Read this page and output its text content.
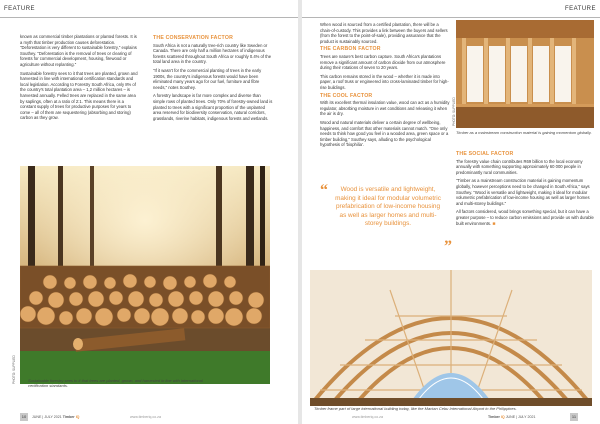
FEATURE

known as commercial timber plantations or planted forests. It is a myth that timber production causes deforestation. "Deforestation is very different to sustainable forestry," explains Southey. "Deforestation is the removal of trees or clearing of forests for commercial development, housing, firewood or agriculture without replanting."

Sustainable forestry sees to it that trees are planted, grown and harvested in line with international certification standards and local legislation. According to Forestry South Africa, only 8% of the country's total plantation area – 1,2 million hectares – is harvested annually. Felled trees are replaced in the same area by saplings, often at a ratio of 2:1. This means there is a constant supply of trees for productive purposes for years to come – all of them are sequestering (absorbing and storing) carbon as they grow.

THE CONSERVATION FACTOR

South Africa is not a naturally tree-rich country like Sweden or Canada. There are only half a million hectares of indigenous forests scattered throughout South Africa or roughly 0.4% of the total land area in the country.

"If it wasn't for the commercial planting of trees in the early 1900s, the country's indigenous forests would have been eliminated many years ago for our fuel, furniture and fibre needs," notes Southey.

A forestry landscape is far more complex and diverse than simple rows of planted trees. Only 70% of forestry-owned land is planted to trees with a significant proportion of the unplanted area reserved for biodiversity conservation, natural corridors, grasslands, riverine habitats, indigenous forests and wetlands.

Sustainable forestry sees to it that trees are planted, grown, and harvested in line with international certification standards.
PHOTO: SUPPLIED
10	JUNE | JULY 2021 Timber IQ	www.timberiq.co.za
FEATURE

When wood is sourced from a certified plantation, there will be a chain-of-custody. This provides a link between the buyers and sellers (from the forest to the point-of-sale), providing assurance that the product is sustainably sourced.

THE CARBON FACTOR

Trees are nature's best carbon capture. South Africa's plantations remove a significant amount of carbon dioxide from our atmosphere during their rotations of seven to 20 years.

This carbon remains stored in the wood – whether it is made into paper, a roof truss or engineered into cross-laminated timber for high-rise buildings.

THE COOL FACTOR

With its excellent thermal insulation value, wood can act as a humidity regulator, absorbing moisture in wet conditions and releasing it when the air is dry.

Wood and natural materials deliver a certain degree of wellbeing, happiness, and comfort that other materials cannot match. "One only needs to think how good you feel in a wooded area, green space or a timber building," Southey says, alluding to the psychological hypothesis of 'biophilia'.

“	Wood is versatile and lightweight, making it ideal for modular volumetric prefabrication of low-income housing as well as larger homes and multi-storey buildings.
”
PHOTO: SUPPLIED
Timber as a mainstream construction material is gaining momentum globally.
THE SOCIAL FACTOR

The forestry value chain contributes R69 billion to the local economy annually with something supporting approximately 60 000 people in predominantly rural communities.

"Timber as a mainstream construction material is gaining momentum globally, however perceptions need to be changed in South Africa," says Southey. "Wood is versatile and lightweight, making it ideal for modular volumetric prefabrication of low-income housing as well as larger homes and multi-storey buildings."

All factors considered, wood brings something special, but it can have a greater purpose – to reduce carbon emissions and provide us with durable built environments. ■

Timber frame part of large international building today, like the Mactan Cebu International Airport in the Philippines.
www.timberiq.co.za	Timber IQ JUNE | JULY 2021	11
